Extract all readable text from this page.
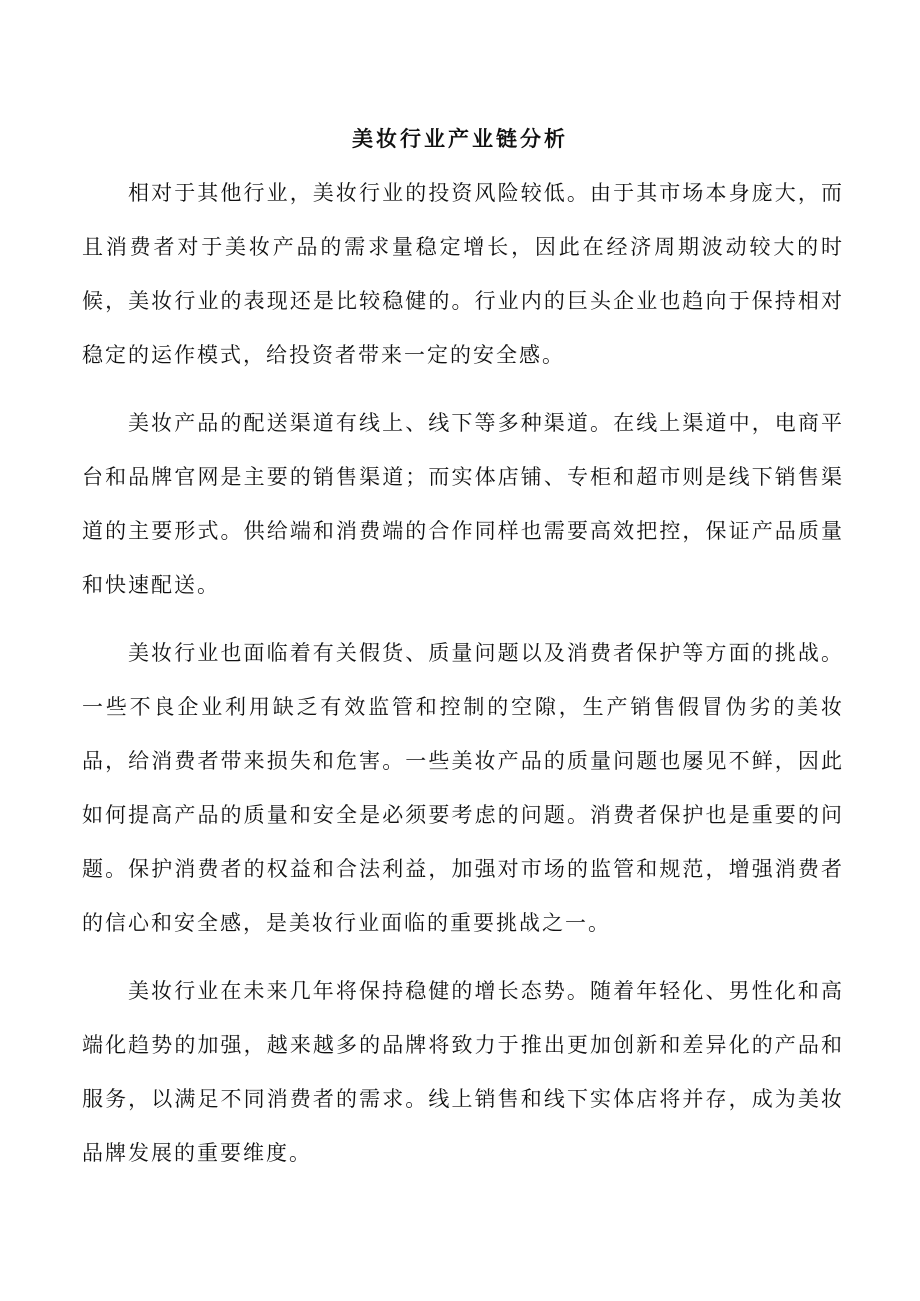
美妆行业产业链分析

相对于其他行业，美妆行业的投资风险较低。由于其市场本身庞大，而且消费者对于美妆产品的需求量稳定增长，因此在经济周期波动较大的时候，美妆行业的表现还是比较稳健的。行业内的巨头企业也趋向于保持相对稳定的运作模式，给投资者带来一定的安全感。

美妆产品的配送渠道有线上、线下等多种渠道。在线上渠道中，电商平台和品牌官网是主要的销售渠道；而实体店铺、专柜和超市则是线下销售渠道的主要形式。供给端和消费端的合作同样也需要高效把控，保证产品质量和快速配送。

美妆行业也面临着有关假货、质量问题以及消费者保护等方面的挑战。一些不良企业利用缺乏有效监管和控制的空隙，生产销售假冒伪劣的美妆品，给消费者带来损失和危害。一些美妆产品的质量问题也屡见不鲜，因此如何提高产品的质量和安全是必须要考虑的问题。消费者保护也是重要的问题。保护消费者的权益和合法利益，加强对市场的监管和规范，增强消费者的信心和安全感，是美妆行业面临的重要挑战之一。

美妆行业在未来几年将保持稳健的增长态势。随着年轻化、男性化和高端化趋势的加强，越来越多的品牌将致力于推出更加创新和差异化的产品和服务，以满足不同消费者的需求。线上销售和线下实体店将并存，成为美妆品牌发展的重要维度。
